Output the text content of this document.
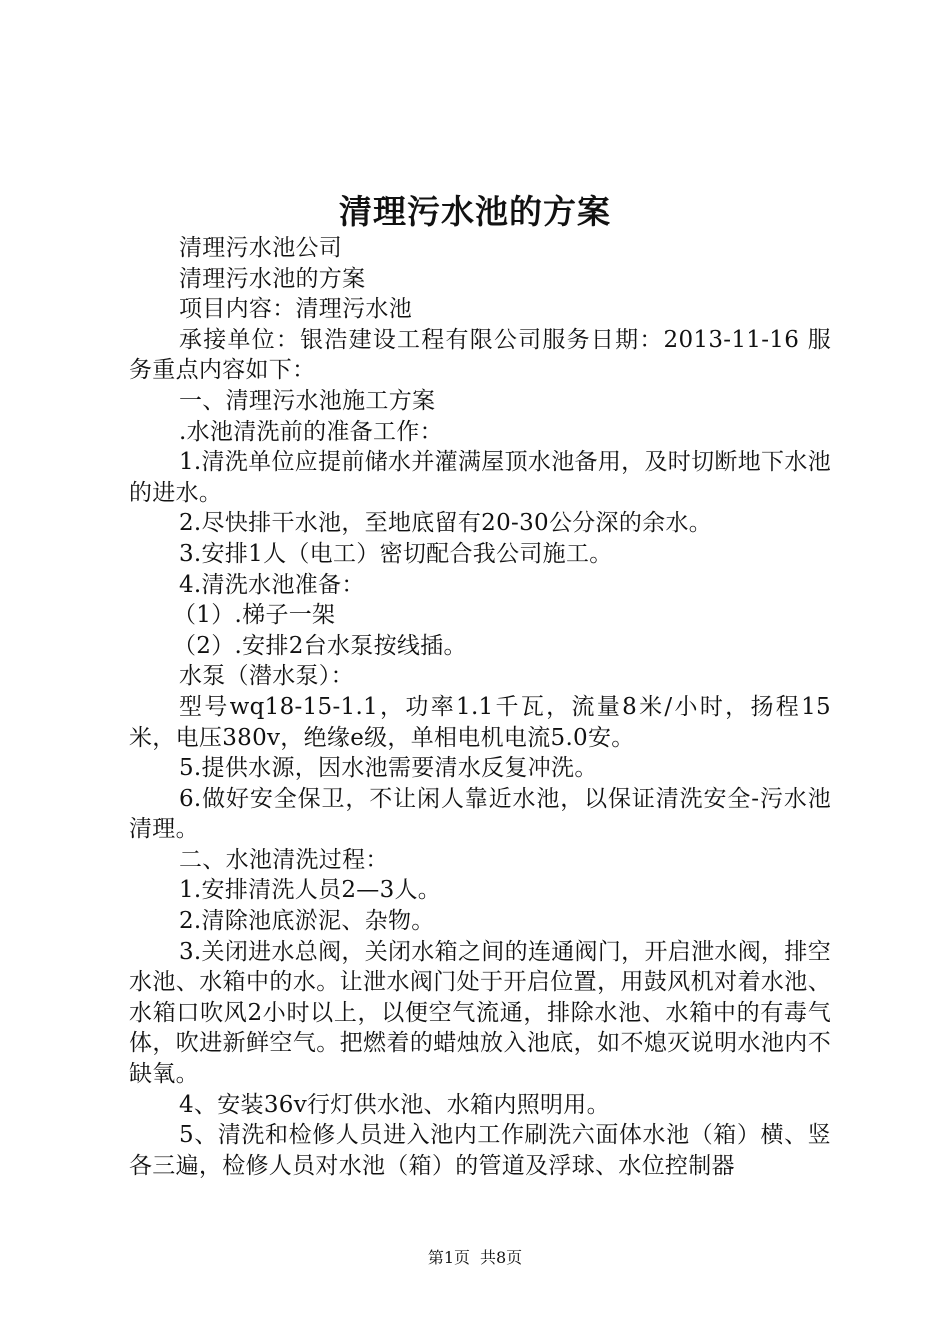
清理污水池的方案

清理污水池公司

清理污水池的方案

项目内容：清理污水池

承接单位：银浩建设工程有限公司服务日期：2013-11-16 服务重点内容如下：

一、清理污水池施工方案

.水池清洗前的准备工作：

1.清洗单位应提前储水并灌满屋顶水池备用，及时切断地下水池的进水。

2.尽快排干水池，至地底留有20-30公分深的余水。

3.安排1人（电工）密切配合我公司施工。

4.清洗水池准备：

（1）.梯子一架

（2）.安排2台水泵按线插。

水泵（潜水泵）：

型号wq18-15-1.1，功率1.1千瓦，流量8米/小时，扬程15米，电压380v，绝缘e级，单相电机电流5.0安。

5.提供水源，因水池需要清水反复冲洗。

6.做好安全保卫，不让闲人靠近水池，以保证清洗安全-污水池清理。

二、水池清洗过程：

1.安排清洗人员2—3人。

2.清除池底淤泥、杂物。

3.关闭进水总阀，关闭水箱之间的连通阀门，开启泄水阀，排空水池、水箱中的水。让泄水阀门处于开启位置，用鼓风机对着水池、水箱口吹风2小时以上，以便空气流通，排除水池、水箱中的有毒气体，吹进新鲜空气。把燃着的蜡烛放入池底，如不熄灭说明水池内不缺氧。

4、安装36v行灯供水池、水箱内照明用。

5、清洗和检修人员进入池内工作刷洗六面体水池（箱）横、竖各三遍，检修人员对水池（箱）的管道及浮球、水位控制器

第1页 共8页
